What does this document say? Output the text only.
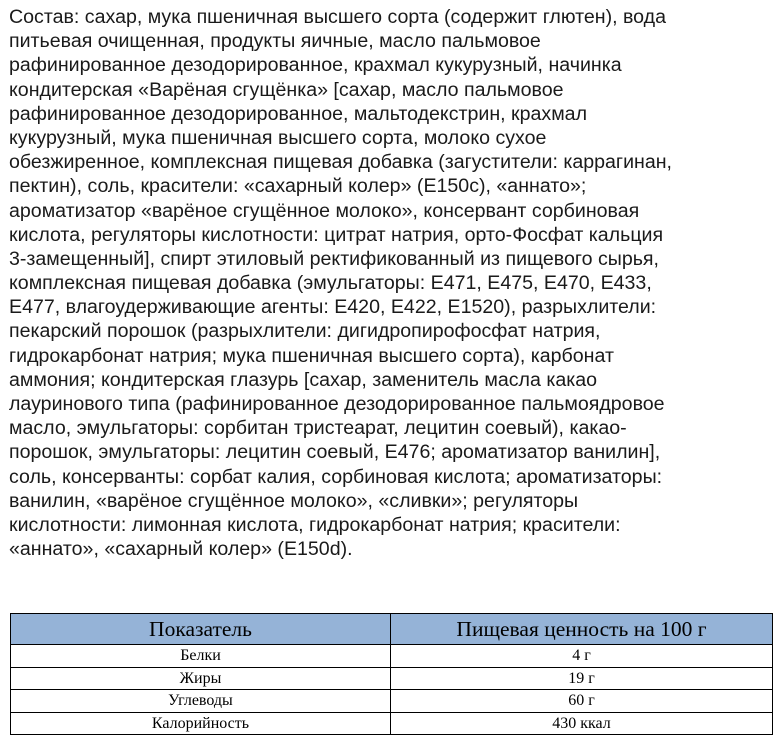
Состав: сахар, мука пшеничная высшего сорта (содержит глютен), вода
питьевая очищенная, продукты яичные, масло пальмовое
рафинированное дезодорированное, крахмал кукурузный, начинка
кондитерская «Варёная сгущёнка» [сахар, масло пальмовое
рафинированное дезодорированное, мальтодекстрин, крахмал
кукурузный, мука пшеничная высшего сорта, молоко сухое
обезжиренное, комплексная пищевая добавка (загустители: каррагинан,
пектин), соль, красители: «сахарный колер» (Е150с), «аннато»;
ароматизатор «варёное сгущённое молоко», консервант сорбиновая
кислота, регуляторы кислотности: цитрат натрия, орто-Фосфат кальция
3-замещенный], спирт этиловый ректификованный из пищевого сырья,
комплексная пищевая добавка (эмульгаторы: Е471, Е475, Е470, Е433,
Е477, влагоудерживающие агенты: Е420, Е422, Е1520), разрыхлители:
пекарский порошок (разрыхлители: дигидропирофосфат натрия,
гидрокарбонат натрия; мука пшеничная высшего сорта), карбонат
аммония; кондитерская глазурь [сахар, заменитель масла какао
лауринового типа (рафинированное дезодорированное пальмоядровое
масло, эмульгаторы: сорбитан тристеарат, лецитин соевый), какао-
порошок, эмульгаторы: лецитин соевый, Е476; ароматизатор ванилин],
соль, консерванты: сорбат калия, сорбиновая кислота; ароматизаторы:
ванилин, «варёное сгущённое молоко», «сливки»; регуляторы
кислотности: лимонная кислота, гидрокарбонат натрия; красители:
«аннато», «сахарный колер» (Е150d).
Показатель	Пищевая ценность на 100 г
Белки	4 г
Жиры	19 г
Углеводы	60 г
Калорийность	430 ккал
